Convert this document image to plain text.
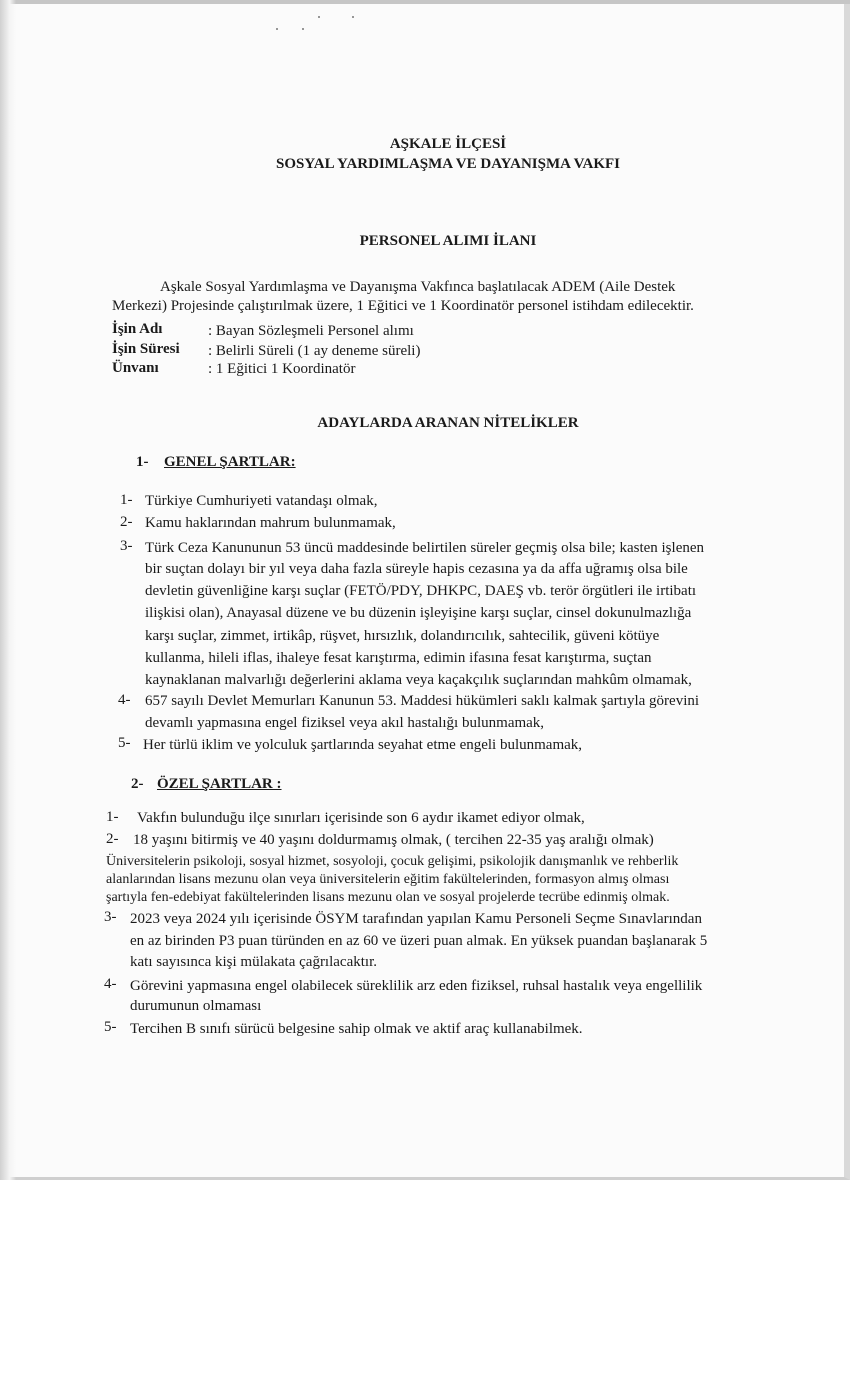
AŞKALE İLÇESİ
SOSYAL YARDIMLAŞMA VE DAYANIŞMA VAKFI
PERSONEL ALIMI İLANI
Aşkale Sosyal Yardımlaşma ve Dayanışma Vakfınca başlatılacak ADEM (Aile Destek
Merkezi) Projesinde çalıştırılmak üzere, 1 Eğitici ve 1 Koordinatör personel istihdam edilecektir.
İşin Adı	: Bayan Sözleşmeli Personel alımı
İşin Süresi : Belirli Süreli (1 ay deneme süreli)
Ünvanı	: 1 Eğitici 1 Koordinatör
ADAYLARDA ARANAN NİTELİKLER
1- GENEL ŞARTLAR:
1- Türkiye Cumhuriyeti vatandaşı olmak,
2- Kamu haklarından mahrum bulunmamak,
3- Türk Ceza Kanununun 53 üncü maddesinde belirtilen süreler geçmiş olsa bile; kasten işlenen
bir suçtan dolayı bir yıl veya daha fazla süreyle hapis cezasına ya da affa uğramış olsa bile
devletin güvenliğine karşı suçlar (FETÖ/PDY, DHKPC, DAEŞ vb. terör örgütleri ile irtibatı
ilişkisi olan), Anayasal düzene ve bu düzenin işleyişine karşı suçlar, cinsel dokunulmazlığa
karşı suçlar, zimmet, irtikâp, rüşvet, hırsızlık, dolandırıcılık, sahtecilik, güveni kötüye
kullanma, hileli iflas, ihaleye fesat karıştırma, edimin ifasına fesat karıştırma, suçtan
kaynaklanan malvarlığı değerlerini aklama veya kaçakçılık suçlarından mahkûm olmamak,
4- 657 sayılı Devlet Memurları Kanunun 53. Maddesi hükümleri saklı kalmak şartıyla görevini
devamlı yapmasına engel fiziksel veya akıl hastalığı bulunmamak,
5- Her türlü iklim ve yolculuk şartlarında seyahat etme engeli bulunmamak,
2- ÖZEL ŞARTLAR :
1- Vakfın bulunduğu ilçe sınırları içerisinde son 6 aydır ikamet ediyor olmak,
2- 18 yaşını bitirmiş ve 40 yaşını doldurmamış olmak, ( tercihen 22-35 yaş aralığı olmak)
Üniversitelerin psikoloji, sosyal hizmet, sosyoloji, çocuk gelişimi, psikolojik danışmanlık ve rehberlik
alanlarından lisans mezunu olan veya üniversitelerin eğitim fakültelerinden, formasyon almış olması
şartıyla fen-edebiyat fakültelerinden lisans mezunu olan ve sosyal projelerde tecrübe edinmiş olmak.
3- 2023 veya 2024 yılı içerisinde ÖSYM tarafından yapılan Kamu Personeli Seçme Sınavlarından
en az birinden P3 puan türünden en az 60 ve üzeri puan almak. En yüksek puandan başlanarak 5
katı sayısınca kişi mülakata çağrılacaktır.
4- Görevini yapmasına engel olabilecek süreklilik arz eden fiziksel, ruhsal hastalık veya engellilik
durumunun olmaması
5- Tercihen B sınıfı sürücü belgesine sahip olmak ve aktif araç kullanabilmek.
